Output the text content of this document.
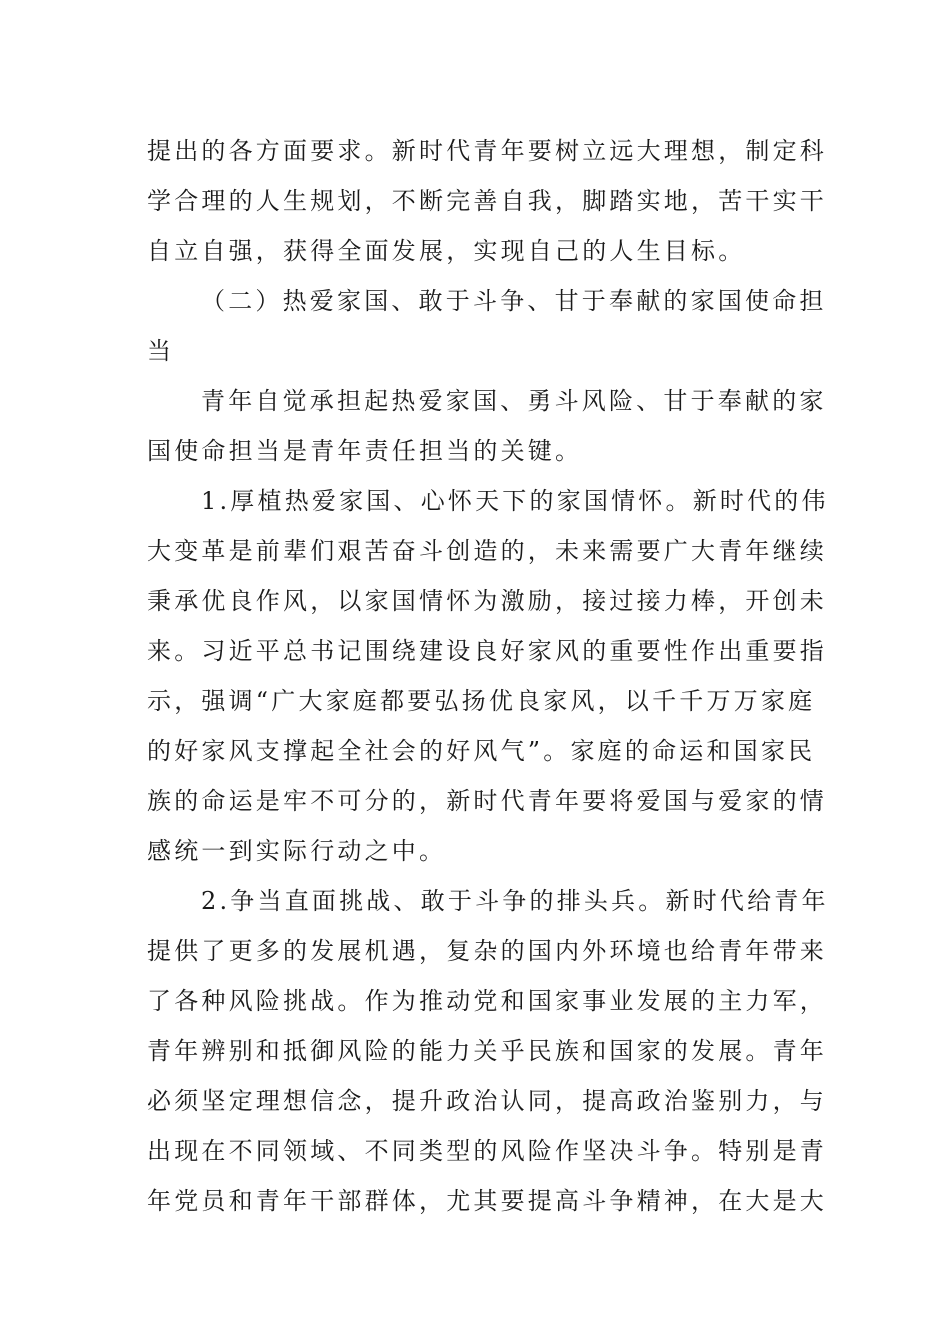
提出的各方面要求。新时代青年要树立远大理想，制定科
学合理的人生规划，不断完善自我，脚踏实地，苦干实干
自立自强，获得全面发展，实现自己的人生目标。
（二）热爱家国、敢于斗争、甘于奉献的家国使命担
当
青年自觉承担起热爱家国、勇斗风险、甘于奉献的家
国使命担当是青年责任担当的关键。
1.厚植热爱家国、心怀天下的家国情怀。新时代的伟
大变革是前辈们艰苦奋斗创造的，未来需要广大青年继续
秉承优良作风，以家国情怀为激励，接过接力棒，开创未
来。习近平总书记围绕建设良好家风的重要性作出重要指
示，强调“广大家庭都要弘扬优良家风，以千千万万家庭
的好家风支撑起全社会的好风气”。家庭的命运和国家民
族的命运是牢不可分的，新时代青年要将爱国与爱家的情
感统一到实际行动之中。
2.争当直面挑战、敢于斗争的排头兵。新时代给青年
提供了更多的发展机遇，复杂的国内外环境也给青年带来
了各种风险挑战。作为推动党和国家事业发展的主力军，
青年辨别和抵御风险的能力关乎民族和国家的发展。青年
必须坚定理想信念，提升政治认同，提高政治鉴别力，与
出现在不同领域、不同类型的风险作坚决斗争。特别是青
年党员和青年干部群体，尤其要提高斗争精神，在大是大
